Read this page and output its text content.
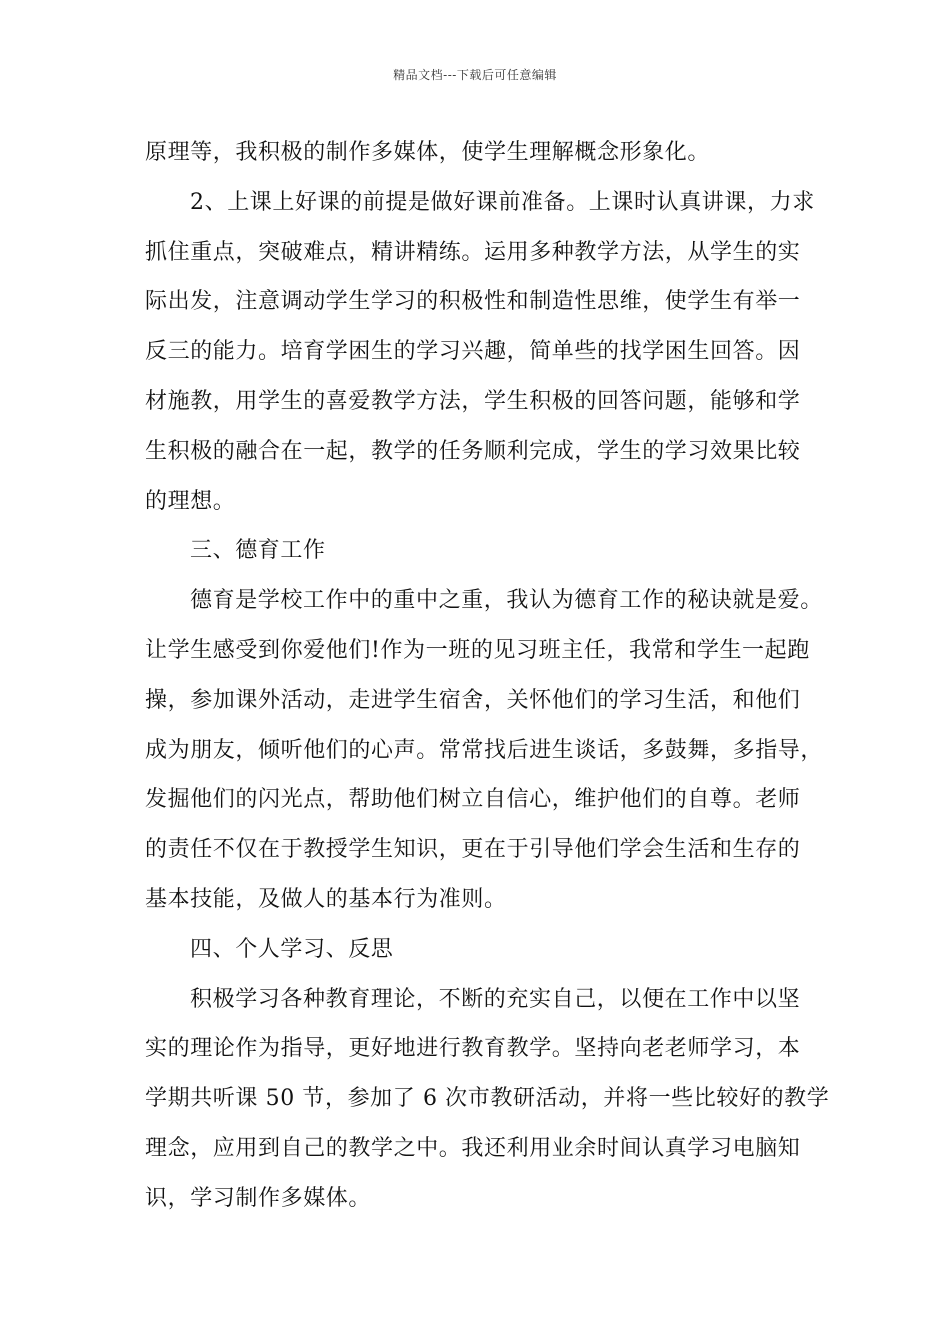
精品文档---下载后可任意编辑
原理等，我积极的制作多媒体，使学生理解概念形象化。
2、上课上好课的前提是做好课前准备。上课时认真讲课，力求
抓住重点，突破难点，精讲精练。运用多种教学方法，从学生的实
际出发，注意调动学生学习的积极性和制造性思维，使学生有举一
反三的能力。培育学困生的学习兴趣，简单些的找学困生回答。因
材施教，用学生的喜爱教学方法，学生积极的回答问题，能够和学
生积极的融合在一起，教学的任务顺利完成，学生的学习效果比较
的理想。
三、德育工作
德育是学校工作中的重中之重，我认为德育工作的秘诀就是爱。
让学生感受到你爱他们!作为一班的见习班主任，我常和学生一起跑
操，参加课外活动，走进学生宿舍，关怀他们的学习生活，和他们
成为朋友，倾听他们的心声。常常找后进生谈话，多鼓舞，多指导，
发掘他们的闪光点，帮助他们树立自信心，维护他们的自尊。老师
的责任不仅在于教授学生知识，更在于引导他们学会生活和生存的
基本技能，及做人的基本行为准则。
四、个人学习、反思
积极学习各种教育理论，不断的充实自己，以便在工作中以坚
实的理论作为指导，更好地进行教育教学。坚持向老老师学习，本
学期共听课 50 节，参加了 6 次市教研活动，并将一些比较好的教学
理念，应用到自己的教学之中。我还利用业余时间认真学习电脑知
识，学习制作多媒体。
